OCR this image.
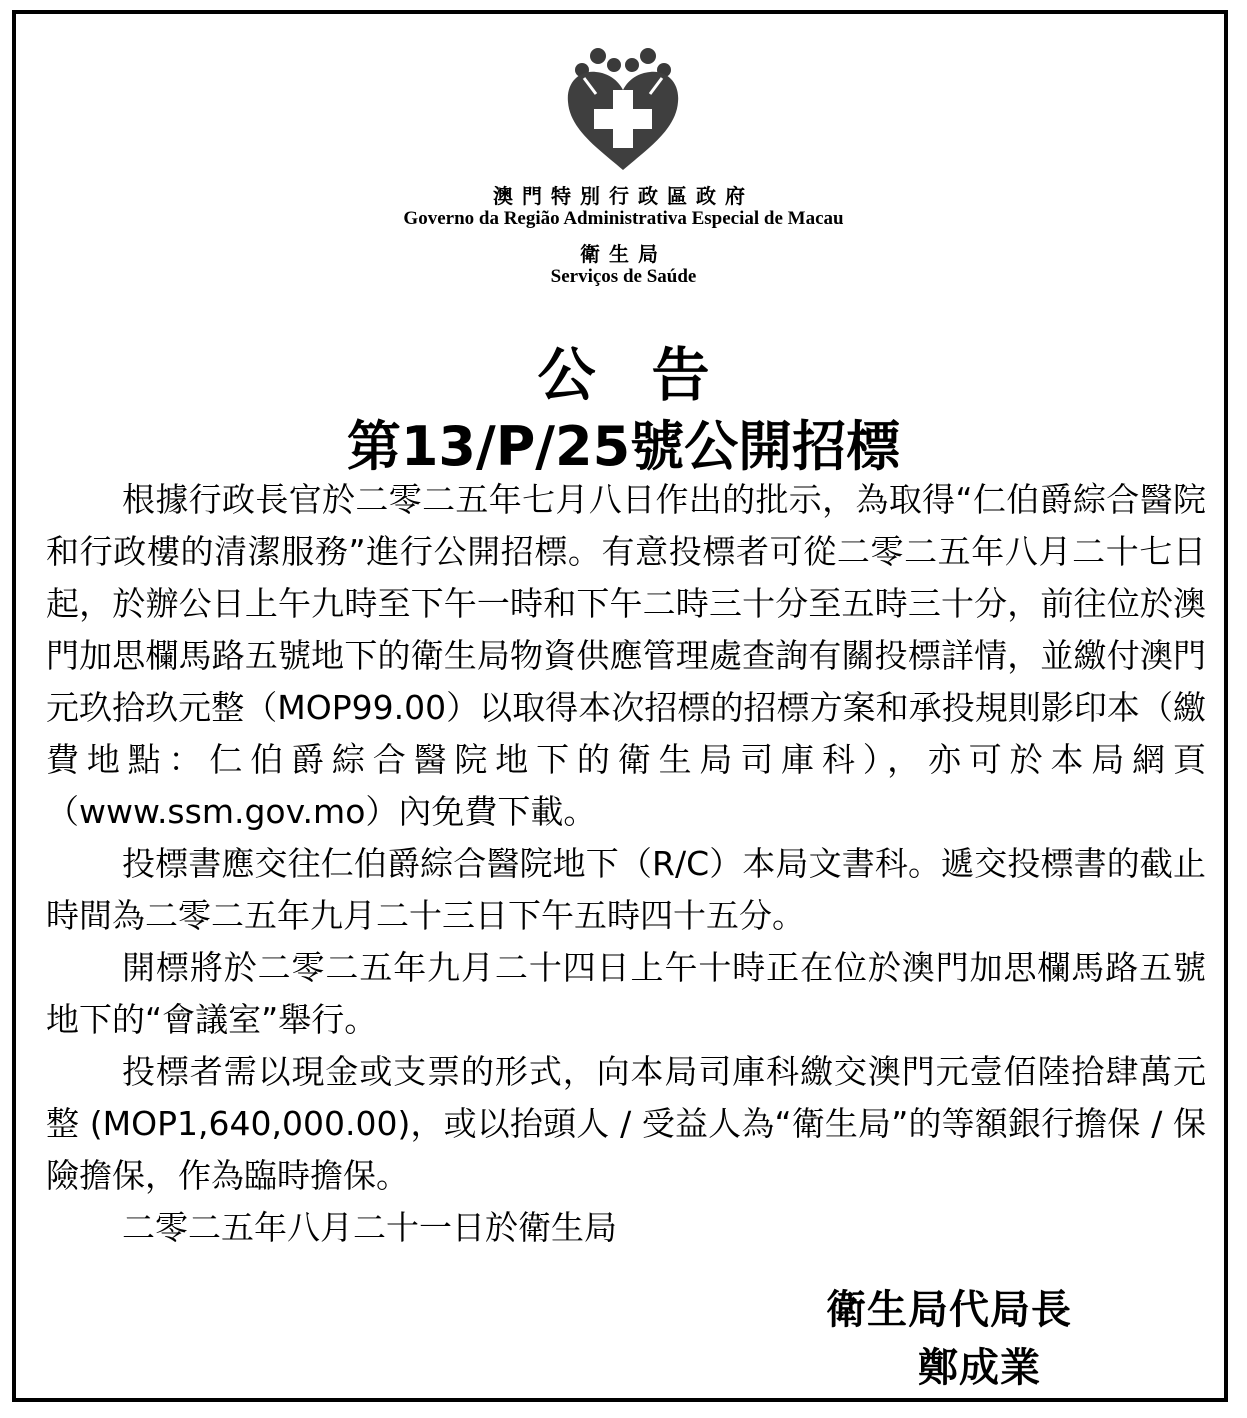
澳門特別行政區政府
Governo da Região Administrativa Especial de Macau
衛生局
Serviços de Saúde
公告
第13/P/25號公開招標

根據行政長官於二零二五年七月八日作出的批示，為取得“仁伯爵綜合醫院和行政樓的清潔服務”進行公開招標。有意投標者可從二零二五年八月二十七日起，於辦公日上午九時至下午一時和下午二時三十分至五時三十分，前往位於澳門加思欄馬路五號地下的衛生局物資供應管理處查詢有關投標詳情，並繳付澳門元玖拾玖元整（MOP99.00）以取得本次招標的招標方案和承投規則影印本（繳費地點：仁伯爵綜合醫院地下的衛生局司庫科），亦可於本局網頁（www.ssm.gov.mo）內免費下載。

投標書應交往仁伯爵綜合醫院地下（R/C）本局文書科。遞交投標書的截止時間為二零二五年九月二十三日下午五時四十五分。

開標將於二零二五年九月二十四日上午十時正在位於澳門加思欄馬路五號地下的“會議室”舉行。

投標者需以現金或支票的形式，向本局司庫科繳交澳門元壹佰陸拾肆萬元整 (MOP1,640,000.00)，或以抬頭人 / 受益人為“衛生局”的等額銀行擔保 / 保險擔保，作為臨時擔保。

二零二五年八月二十一日於衛生局

衛生局代局長
鄭成業
